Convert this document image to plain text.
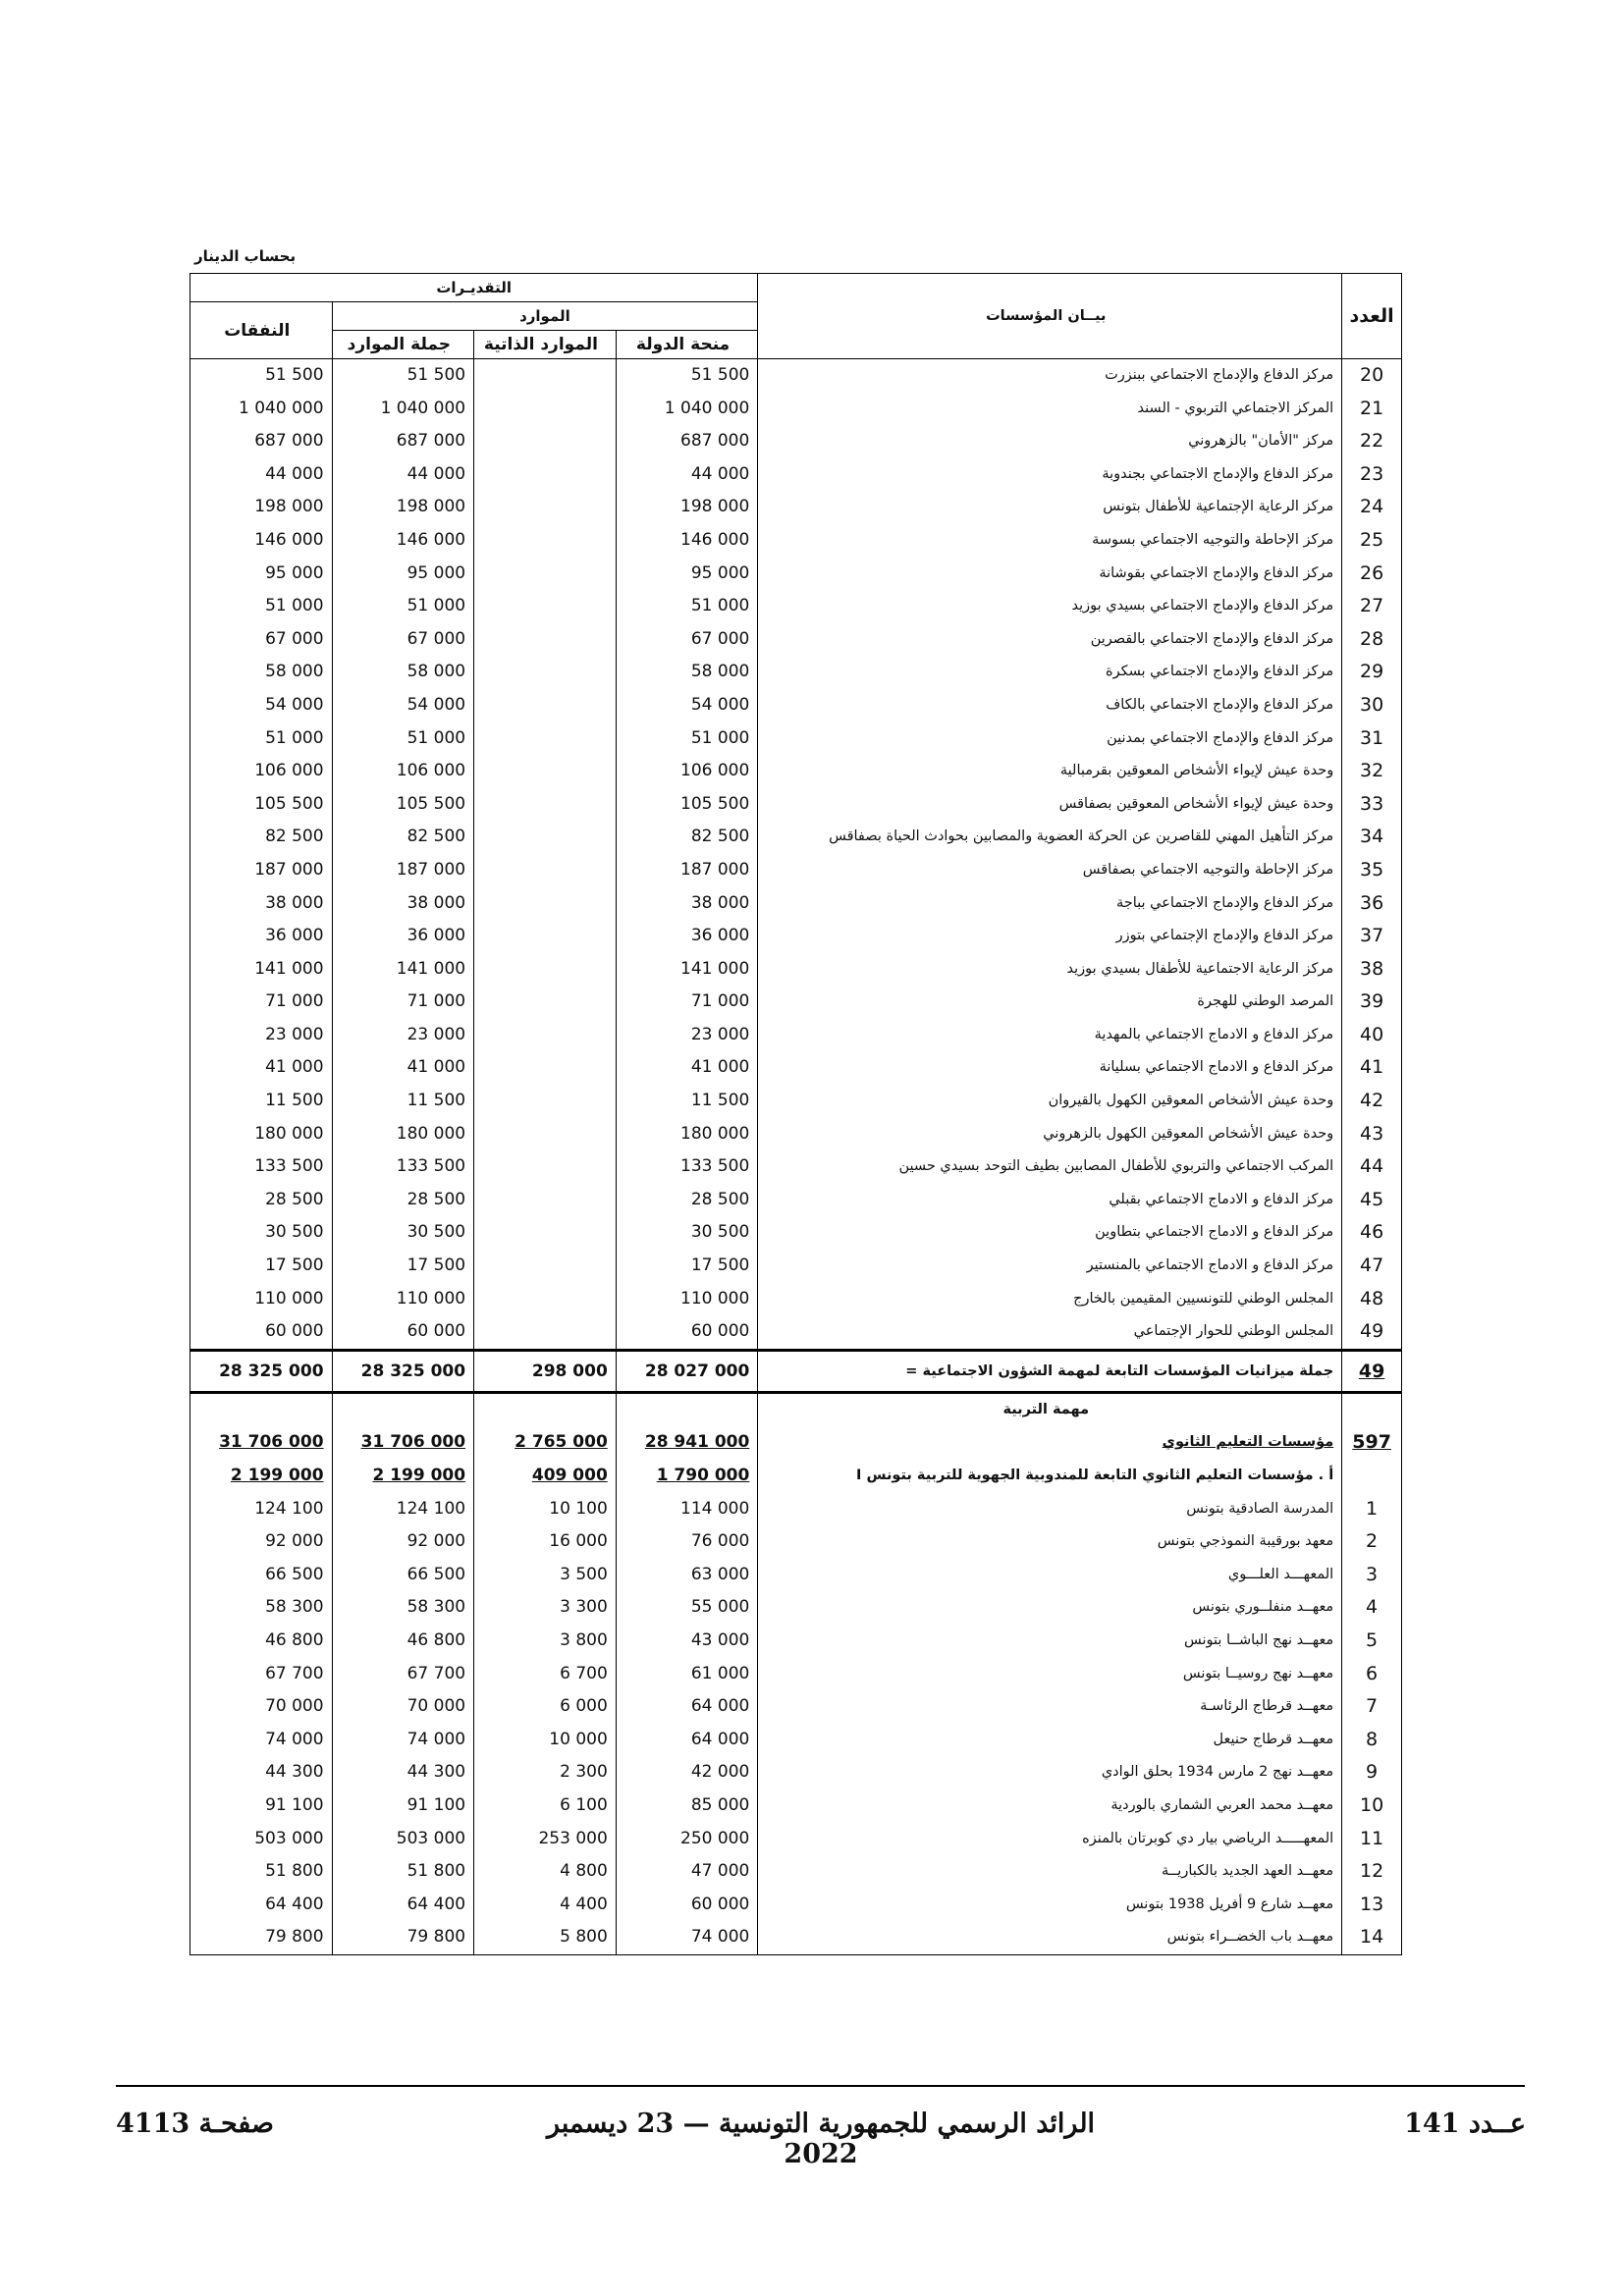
بحساب الدينار
التقديـرات				بيــان المؤسسات	العدد
النفقات	الموارد				
	جملة الموارد	الموارد الذاتية	منحة الدولة		
51 500	51 500		51 500	مركز الدفاع والإدماج الاجتماعي ببنزرت	20
1 040 000	1 040 000		1 040 000	المركز الاجتماعي التربوي - السند	21
687 000	687 000		687 000	مركز "الأمان" بالزهروني	22
44 000	44 000		44 000	مركز الدفاع والإدماج الاجتماعي بجندوبة	23
198 000	198 000		198 000	مركز الرعاية الإجتماعية للأطفال بتونس	24
146 000	146 000		146 000	مركز الإحاطة والتوجيه الاجتماعي بسوسة	25
95 000	95 000		95 000	مركز الدفاع والإدماج الاجتماعي بقوشانة	26
51 000	51 000		51 000	مركز الدفاع والإدماج الاجتماعي بسيدي بوزيد	27
67 000	67 000		67 000	مركز الدفاع والإدماج الاجتماعي بالقصرين	28
58 000	58 000		58 000	مركز الدفاع والإدماج الاجتماعي بسكرة	29
54 000	54 000		54 000	مركز الدفاع والإدماج الاجتماعي بالكاف	30
51 000	51 000		51 000	مركز الدفاع والإدماج الاجتماعي بمدنين	31
106 000	106 000		106 000	وحدة عيش لإيواء الأشخاص المعوقين بقرمبالية	32
105 500	105 500		105 500	وحدة عيش لإيواء الأشخاص المعوقين بصفاقس	33
82 500	82 500		82 500	مركز التأهيل المهني للقاصرين عن الحركة العضوية والمصابين بحوادث الحياة بصفاقس	34
187 000	187 000		187 000	مركز الإحاطة والتوجيه الاجتماعي بصفاقس	35
38 000	38 000		38 000	مركز الدفاع والإدماج الاجتماعي بباجة	36
36 000	36 000		36 000	مركز الدفاع والإدماج الإجتماعي بتوزر	37
141 000	141 000		141 000	مركز الرعاية الاجتماعية للأطفال بسيدي بوزيد	38
71 000	71 000		71 000	المرصد الوطني للهجرة	39
23 000	23 000		23 000	مركز الدفاع و الادماج الاجتماعي بالمهدية	40
41 000	41 000		41 000	مركز الدفاع و الادماج الاجتماعي بسليانة	41
11 500	11 500		11 500	وحدة عيش الأشخاص المعوقين الكهول بالقيروان	42
180 000	180 000		180 000	وحدة عيش الأشخاص المعوقين الكهول بالزهروني	43
133 500	133 500		133 500	المركب الاجتماعي والتربوي للأطفال المصابين بطيف التوحد بسيدي حسين	44
28 500	28 500		28 500	مركز الدفاع و الادماج الاجتماعي بقبلي	45
30 500	30 500		30 500	مركز الدفاع و الادماج الاجتماعي بتطاوين	46
17 500	17 500		17 500	مركز الدفاع و الادماج الاجتماعي بالمنستير	47
110 000	110 000		110 000	المجلس الوطني للتونسيين المقيمين بالخارج	48
60 000	60 000		60 000	المجلس الوطني للحوار الإجتماعي	49
28 325 000	28 325 000	298 000	28 027 000	جملة ميزانيات المؤسسات التابعة لمهمة الشؤون الاجتماعية =	49
				مهمة التربية	
31 706 000	31 706 000	2 765 000	28 941 000	مؤسسات التعليم الثانوي	597
2 199 000	2 199 000	409 000	1 790 000	أ . مؤسسات التعليم الثانوي التابعة للمندوبية الجهوية للتربية بتونس I	
124 100	124 100	10 100	114 000	المدرسة الصادقية بتونس	1
92 000	92 000	16 000	76 000	معهد بورقيبة النموذجي بتونس	2
66 500	66 500	3 500	63 000	المعهـــد العلـــوي	3
58 300	58 300	3 300	55 000	معهــد منفلــوري بتونس	4
46 800	46 800	3 800	43 000	معهــد نهج الباشــا بتونس	5
67 700	67 700	6 700	61 000	معهــد نهج روسيــا بتونس	6
70 000	70 000	6 000	64 000	معهــد قرطاج الرئاسـة	7
74 000	74 000	10 000	64 000	معهــد قرطاج حنيعل	8
44 300	44 300	2 300	42 000	معهــد نهج 2 مارس 1934 بحلق الوادي	9
91 100	91 100	6 100	85 000	معهــد محمد العربي الشماري بالوردية	10
503 000	503 000	253 000	250 000	المعهـــــد الرياضي بيار دي كوبرتان بالمنزه	11
51 800	51 800	4 800	47 000	معهــد العهد الجديد بالكباريــة	12
64 400	64 400	4 400	60 000	معهــد شارع 9 أفريل 1938 بتونس	13
79 800	79 800	5 800	74 000	معهــد باب الخضــراء بتونس	14
صفحـة 4113	الرائد الرسمي للجمهورية التونسية — 23 ديسمبر 2022
عــدد 141
